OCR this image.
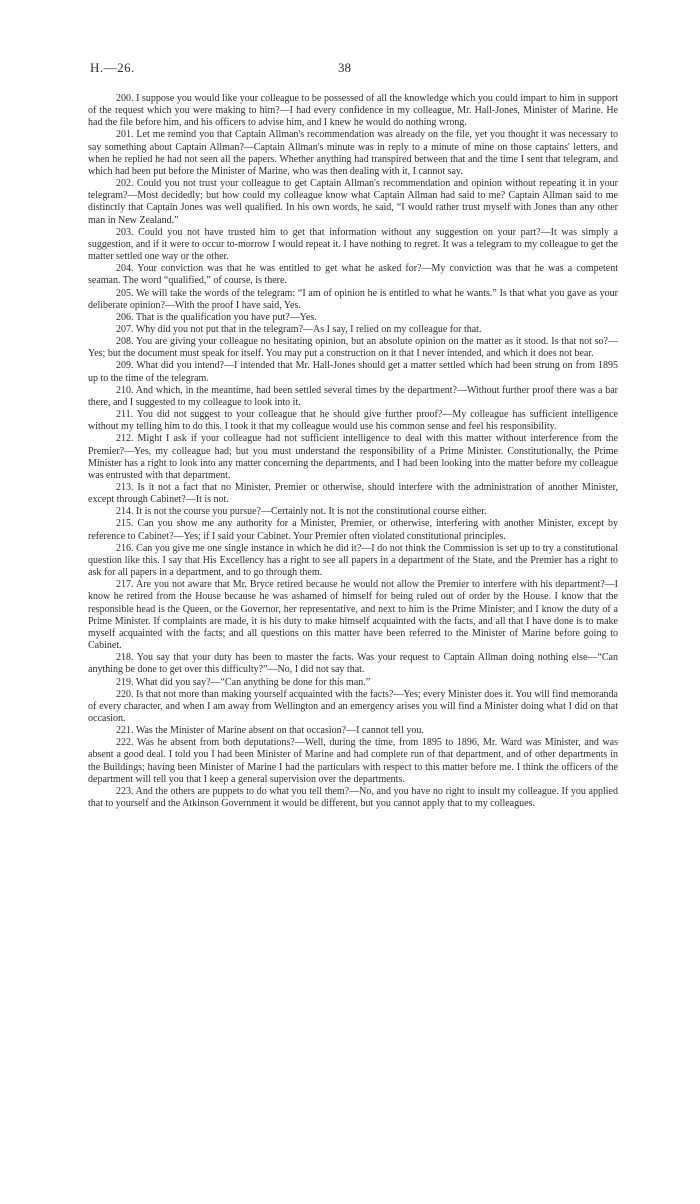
H.—26.	38

200. I suppose you would like your colleague to be possessed of all the knowledge which you could impart to him in support of the request which you were making to him?—I had every confidence in my colleague, Mr. Hall-Jones, Minister of Marine. He had the file before him, and his officers to advise him, and I knew he would do nothing wrong.

201. Let me remind you that Captain Allman's recommendation was already on the file, yet you thought it was necessary to say something about Captain Allman?—Captain Allman's minute was in reply to a minute of mine on those captains' letters, and when he replied he had not seen all the papers. Whether anything had transpired between that and the time I sent that telegram, and which had been put before the Minister of Marine, who was then dealing with it, I cannot say.

202. Could you not trust your colleague to get Captain Allman's recommendation and opinion without repeating it in your telegram?—Most decidedly; but how could my colleague know what Captain Allman had said to me? Captain Allman said to me distinctly that Captain Jones was well qualified. In his own words, he said, “I would rather trust myself with Jones than any other man in New Zealand.”

203. Could you not have trusted him to get that information without any suggestion on your part?—It was simply a suggestion, and if it were to occur to-morrow I would repeat it. I have nothing to regret. It was a telegram to my colleague to get the matter settled one way or the other.

204. Your conviction was that he was entitled to get what he asked for?—My conviction was that he was a competent seaman. The word “qualified,” of course, is there.

205. We will take the words of the telegram: “I am of opinion he is entitled to what he wants.” Is that what you gave as your deliberate opinion?—With the proof I have said, Yes.

206. That is the qualification you have put?—Yes.

207. Why did you not put that in the telegram?—As I say, I relied on my colleague for that.

208. You are giving your colleague no hesitating opinion, but an absolute opinion on the matter as it stood. Is that not so?—Yes; but the document must speak for itself. You may put a construction on it that I never intended, and which it does not bear.

209. What did you intend?—I intended that Mr. Hall-Jones should get a matter settled which had been strung on from 1895 up to the time of the telegram.

210. And which, in the meantime, had been settled several times by the department?—Without further proof there was a bar there, and I suggested to my colleague to look into it.

211. You did not suggest to your colleague that he should give further proof?—My colleague has sufficient intelligence without my telling him to do this. I took it that my colleague would use his common sense and feel his responsibility.

212. Might I ask if your colleague had not sufficient intelligence to deal with this matter without interference from the Premier?—Yes, my colleague had; but you must understand the responsibility of a Prime Minister. Constitutionally, the Prime Minister has a right to look into any matter concerning the departments, and I had been looking into the matter before my colleague was entrusted with that department.

213. Is it not a fact that no Minister, Premier or otherwise, should interfere with the administration of another Minister, except through Cabinet?—It is not.

214. It is not the course you pursue?—Certainly not. It is not the constitutional course either.

215. Can you show me any authority for a Minister, Premier, or otherwise, interfering with another Minister, except by reference to Cabinet?—Yes; if I said your Cabinet. Your Premier often violated constitutional principles.

216. Can you give me one single instance in which he did it?—I do not think the Commission is set up to try a constitutional question like this. I say that His Excellency has a right to see all papers in a department of the State, and the Premier has a right to ask for all papers in a department, and to go through them.

217. Are you not aware that Mr. Bryce retired because he would not allow the Premier to interfere with his department?—I know he retired from the House because he was ashamed of himself for being ruled out of order by the House. I know that the responsible head is the Queen, or the Governor, her representative, and next to him is the Prime Minister; and I know the duty of a Prime Minister. If complaints are made, it is his duty to make himself acquainted with the facts, and all that I have done is to make myself acquainted with the facts; and all questions on this matter have been referred to the Minister of Marine before going to Cabinet.

218. You say that your duty has been to master the facts. Was your request to Captain Allman doing nothing else—“Can anything be done to get over this difficulty?”—No, I did not say that.

219. What did you say?—“Can anything be done for this man.”

220. Is that not more than making yourself acquainted with the facts?—Yes; every Minister does it. You will find memoranda of every character, and when I am away from Wellington and an emergency arises you will find a Minister doing what I did on that occasion.

221. Was the Minister of Marine absent on that occasion?—I cannot tell you.

222. Was he absent from both deputations?—Well, during the time, from 1895 to 1896, Mr. Ward was Minister, and was absent a good deal. I told you I had been Minister of Marine and had complete run of that department, and of other departments in the Buildings; having been Minister of Marine I had the particulars with respect to this matter before me. I think the officers of the department will tell you that I keep a general supervision over the departments.

223. And the others are puppets to do what you tell them?—No, and you have no right to insult my colleague. If you applied that to yourself and the Atkinson Government it would be different, but you cannot apply that to my colleagues.
